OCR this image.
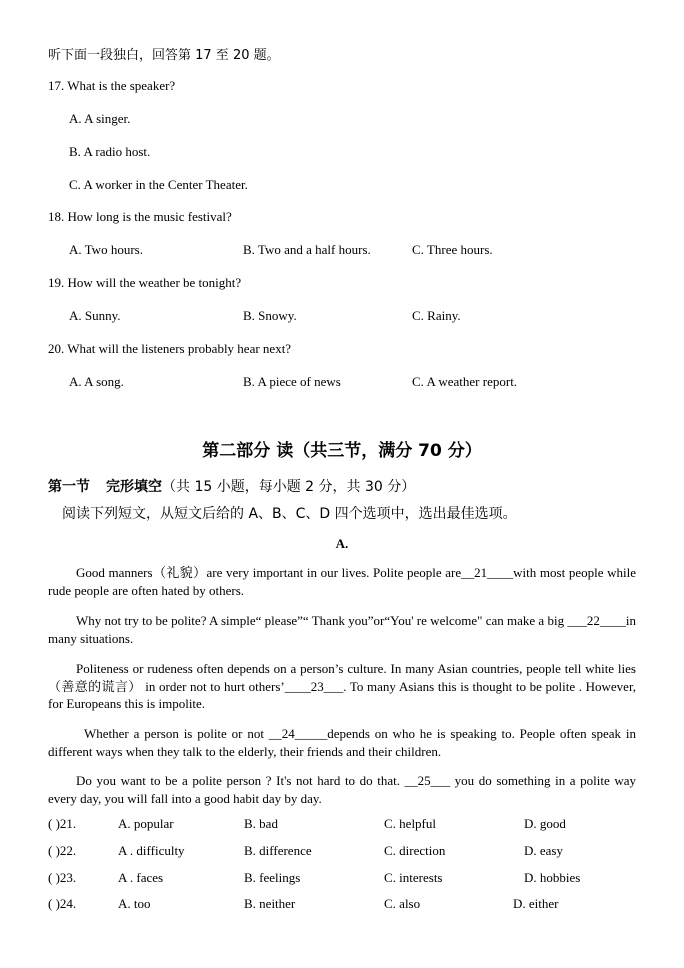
听下面一段独白，回答第 17 至 20 题。
17. What is the speaker?
A. A singer.
B. A radio host.
C. A worker in the Center Theater.
18. How long is the music festival?
A. Two hours.	B. Two and a half hours.	C. Three hours.
19. How will the weather be tonight?
A. Sunny.	B. Snowy.	C. Rainy.
20. What will the listeners probably hear next?
A. A song.	B. A piece of news	C. A weather report.
第二部分 读（共三节，满分 70 分）
第一节 完形填空（共 15 小题，每小题 2 分，共 30 分）
阅读下列短文，从短文后给的 A、B、C、D 四个选项中，选出最佳选项。
A.
Good manners（礼貌）are very important in our lives. Polite people are__21____with most people while rude people are often hated by others.
Why not try to be polite? A simple“ please”“ Thank you”or“You' re welcome" can make a big ___22____in many situations.
Politeness or rudeness often depends on a person’s culture. In many Asian countries, people tell white lies（善意的谎言） in order not to hurt others’____23___. To many Asians this is thought to be polite . However, for Europeans this is impolite.
Whether a person is polite or not __24_____depends on who he is speaking to. People often speak in different ways when they talk to the elderly, their friends and their children.
Do you want to be a polite person ? It's not hard to do that. __25___ you do something in a polite way every day, you will fall into a good habit day by day.
( )21.	A. popular	B. bad	C. helpful	D. good
( )22.	A . difficulty	B. difference	C. direction	D. easy
( )23.	A . faces	B. feelings	C. interests	D. hobbies
( )24.	A. too	B. neither	C. also	D. either
